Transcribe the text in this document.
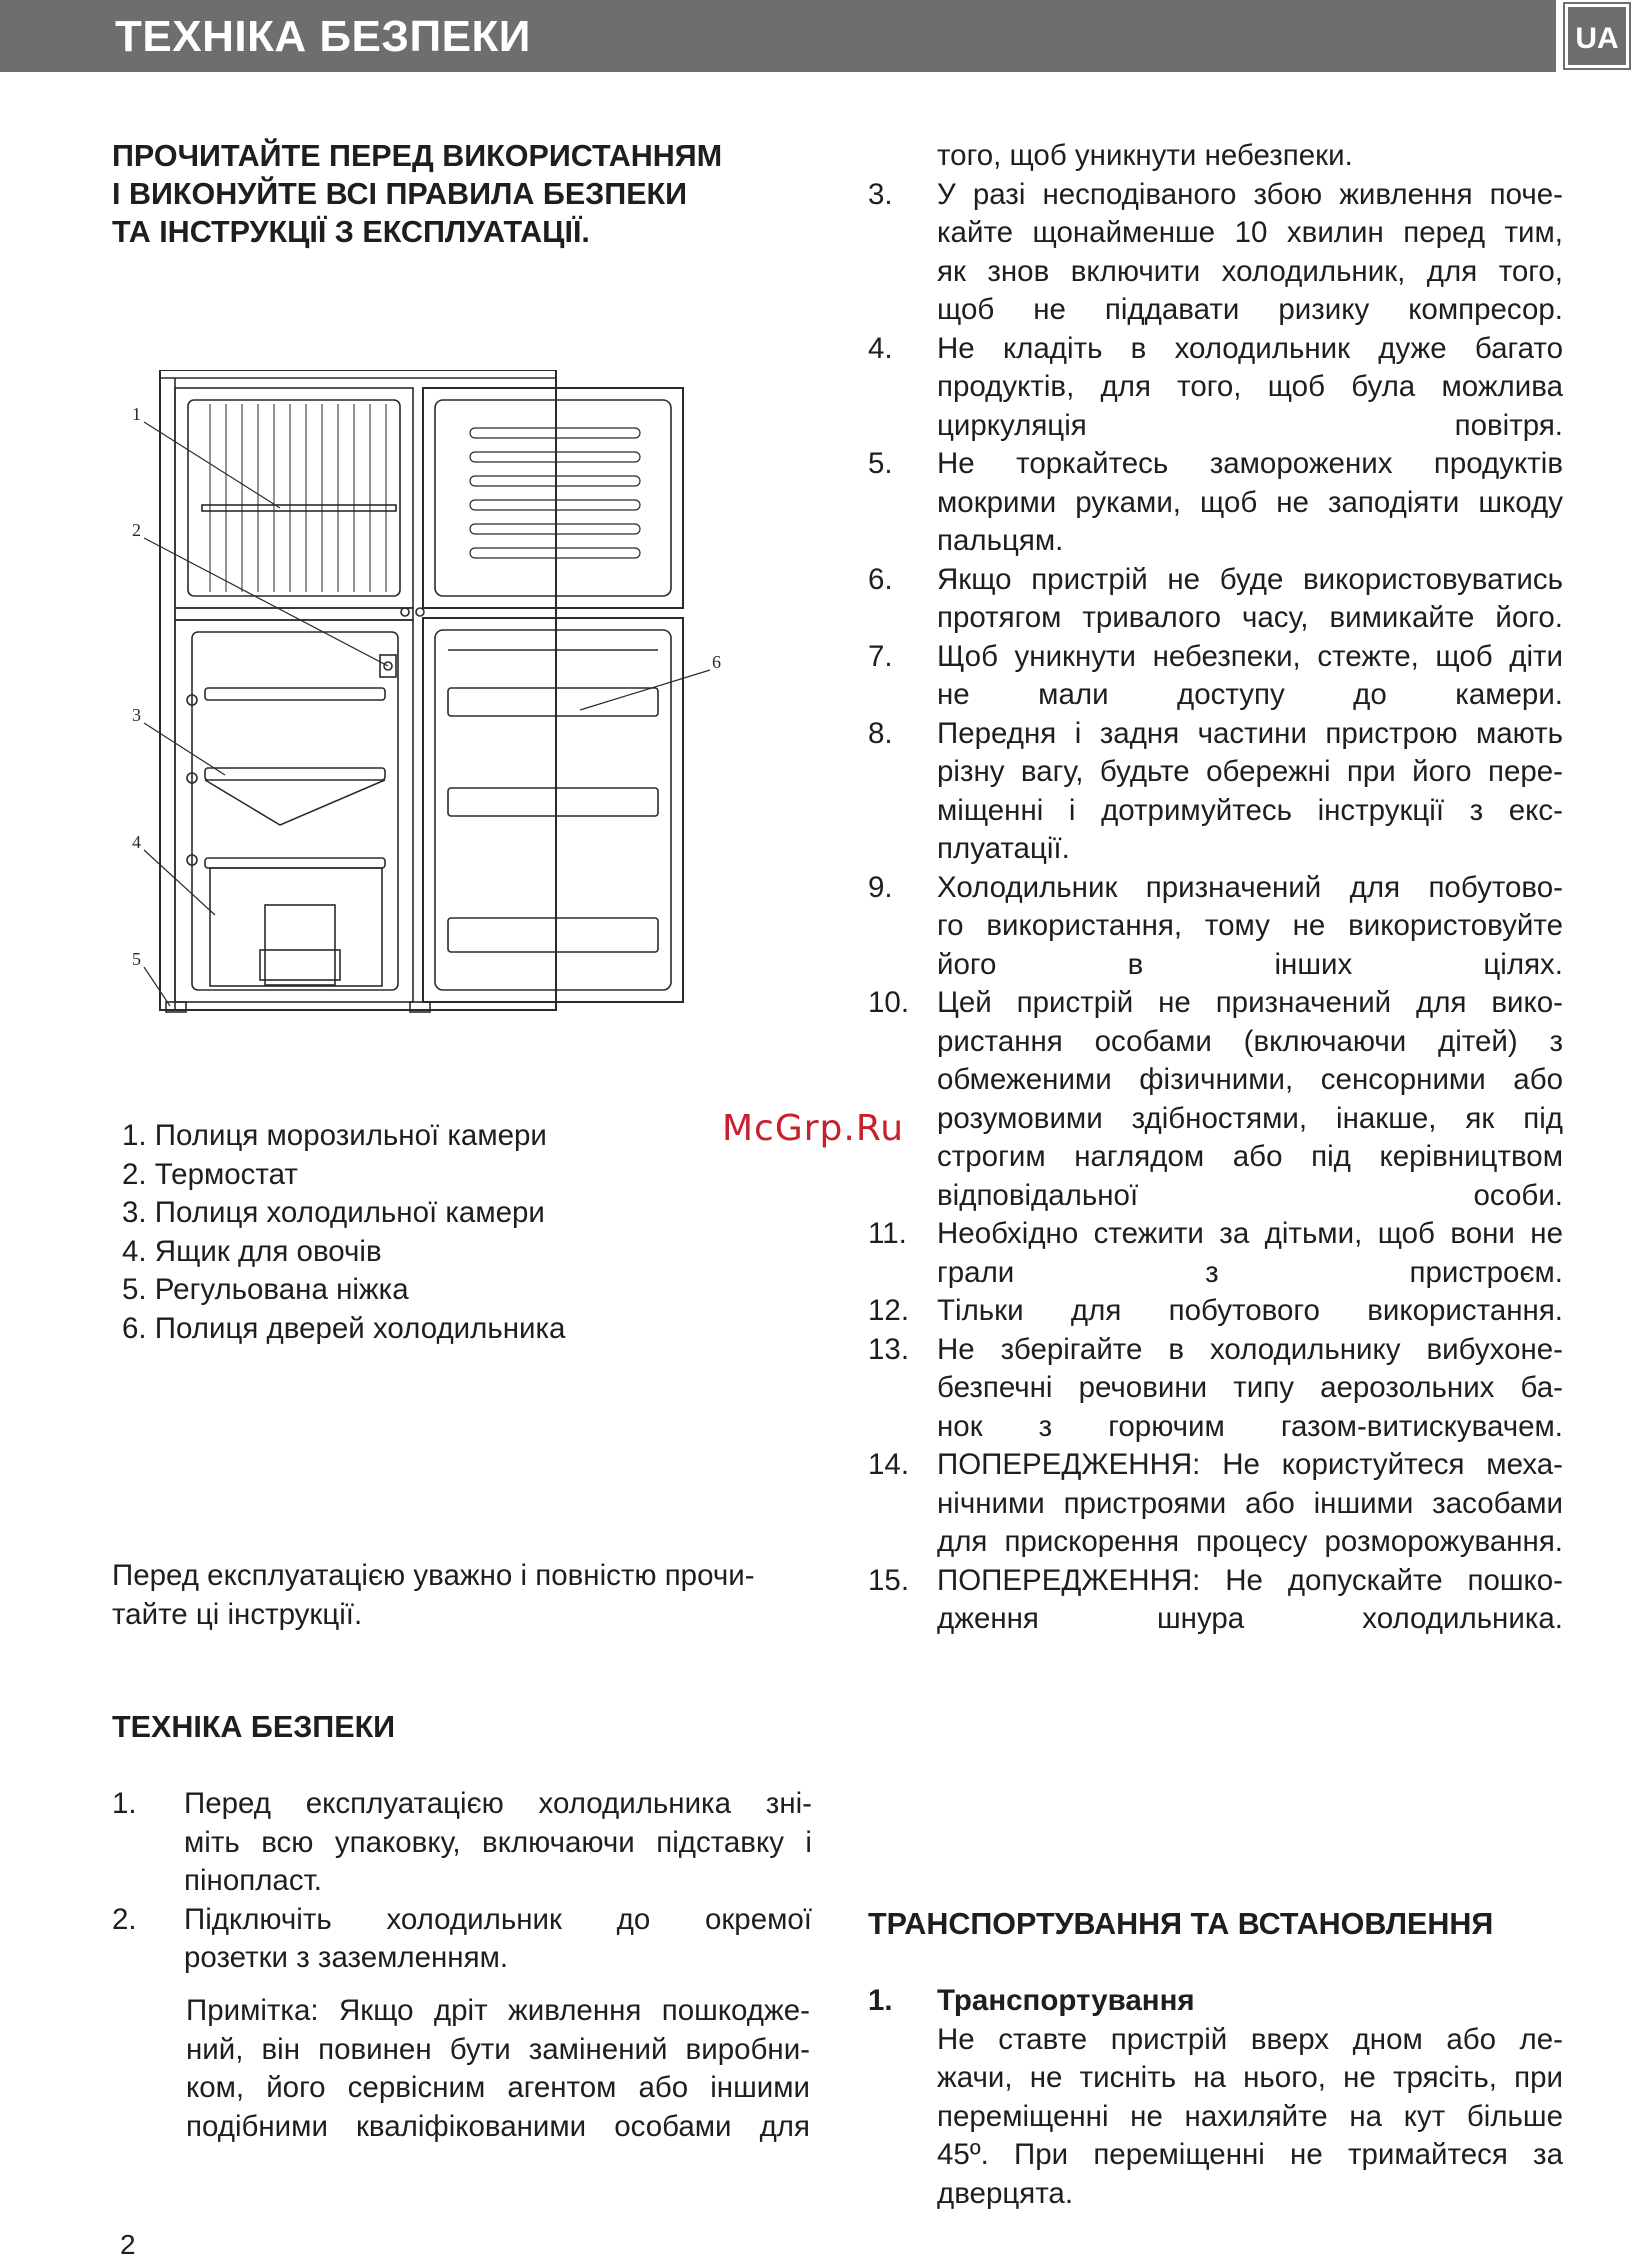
ТЕХНІКА БЕЗПЕКИ	UA
ПРОЧИТАЙТЕ ПЕРЕД ВИКОРИСТАННЯМ
І ВИКОНУЙТЕ ВСІ ПРАВИЛА БЕЗПЕКИ
ТА ІНСТРУКЦІЇ З ЕКСПЛУАТАЦІЇ.
1
2
3
4
5
6
1. Полиця морозильної камери
2. Термостат
3. Полиця холодильної камери
4. Ящик для овочів
5. Регульована ніжка
6. Полиця дверей холодильника
Перед експлуатацією уважно і повністю прочи-
тайте ці інструкції.
ТЕХНІКА БЕЗПЕКИ
1. Перед експлуатацією холодильника зні-
міть всю упаковку, включаючи підставку і
пінопласт.
2. Підключіть холодильник до окремої
розетки з заземленням.
Примітка: Якщо дріт живлення пошкодже-
ний, він повинен бути замінений виробни-
ком, його сервісним агентом або іншими
подібними кваліфікованими особами для
того, щоб уникнути небезпеки.
3. У разі несподіваного збою живлення поче-
кайте щонайменше 10 хвилин перед тим,
як знов включити холодильник, для того,
щоб не піддавати ризику компресор.
4. Не кладіть в холодильник дуже багато
продуктів, для того, щоб була можлива
циркуляція повітря.
5. Не торкайтесь заморожених продуктів
мокрими руками, щоб не заподіяти шкоду
пальцям.
6. Якщо пристрій не буде використовуватись
протягом тривалого часу, вимикайте його.
7. Щоб уникнути небезпеки, стежте, щоб діти
не мали доступу до камери.
8. Передня і задня частини пристрою мають
різну вагу, будьте обережні при його пере-
міщенні і дотримуйтесь інструкції з екс-
плуатації.
9. Холодильник призначений для побутово-
го використання, тому не використовуйте
його в інших цілях.
10. Цей пристрій не призначений для вико-
ристання особами (включаючи дітей) з
обмеженими фізичними, сенсорними або
розумовими здібностями, інакше, як під
строгим наглядом або під керівництвом
відповідальної особи.
11. Необхідно стежити за дітьми, щоб вони не
грали з пристроєм.
12. Тільки для побутового використання.
13. Не зберігайте в холодильнику вибухоне-
безпечні речовини типу аерозольних ба-
нок з горючим газом-витискувачем.
14. ПОПЕРЕДЖЕННЯ: Не користуйтеся меха-
нічними пристроями або іншими засобами
для прискорення процесу розморожування.
15. ПОПЕРЕДЖЕННЯ: Не допускайте пошко-
дження шнура холодильника.
McGrp.Ru
ТРАНСПОРТУВАННЯ ТА ВСТАНОВЛЕННЯ
1. Транспортування
Не ставте пристрій вверх дном або ле-
жачи, не тисніть на нього, не трясіть, при
переміщенні не нахиляйте на кут більше
45º. При переміщенні не тримайтеся за
дверцята.
2
